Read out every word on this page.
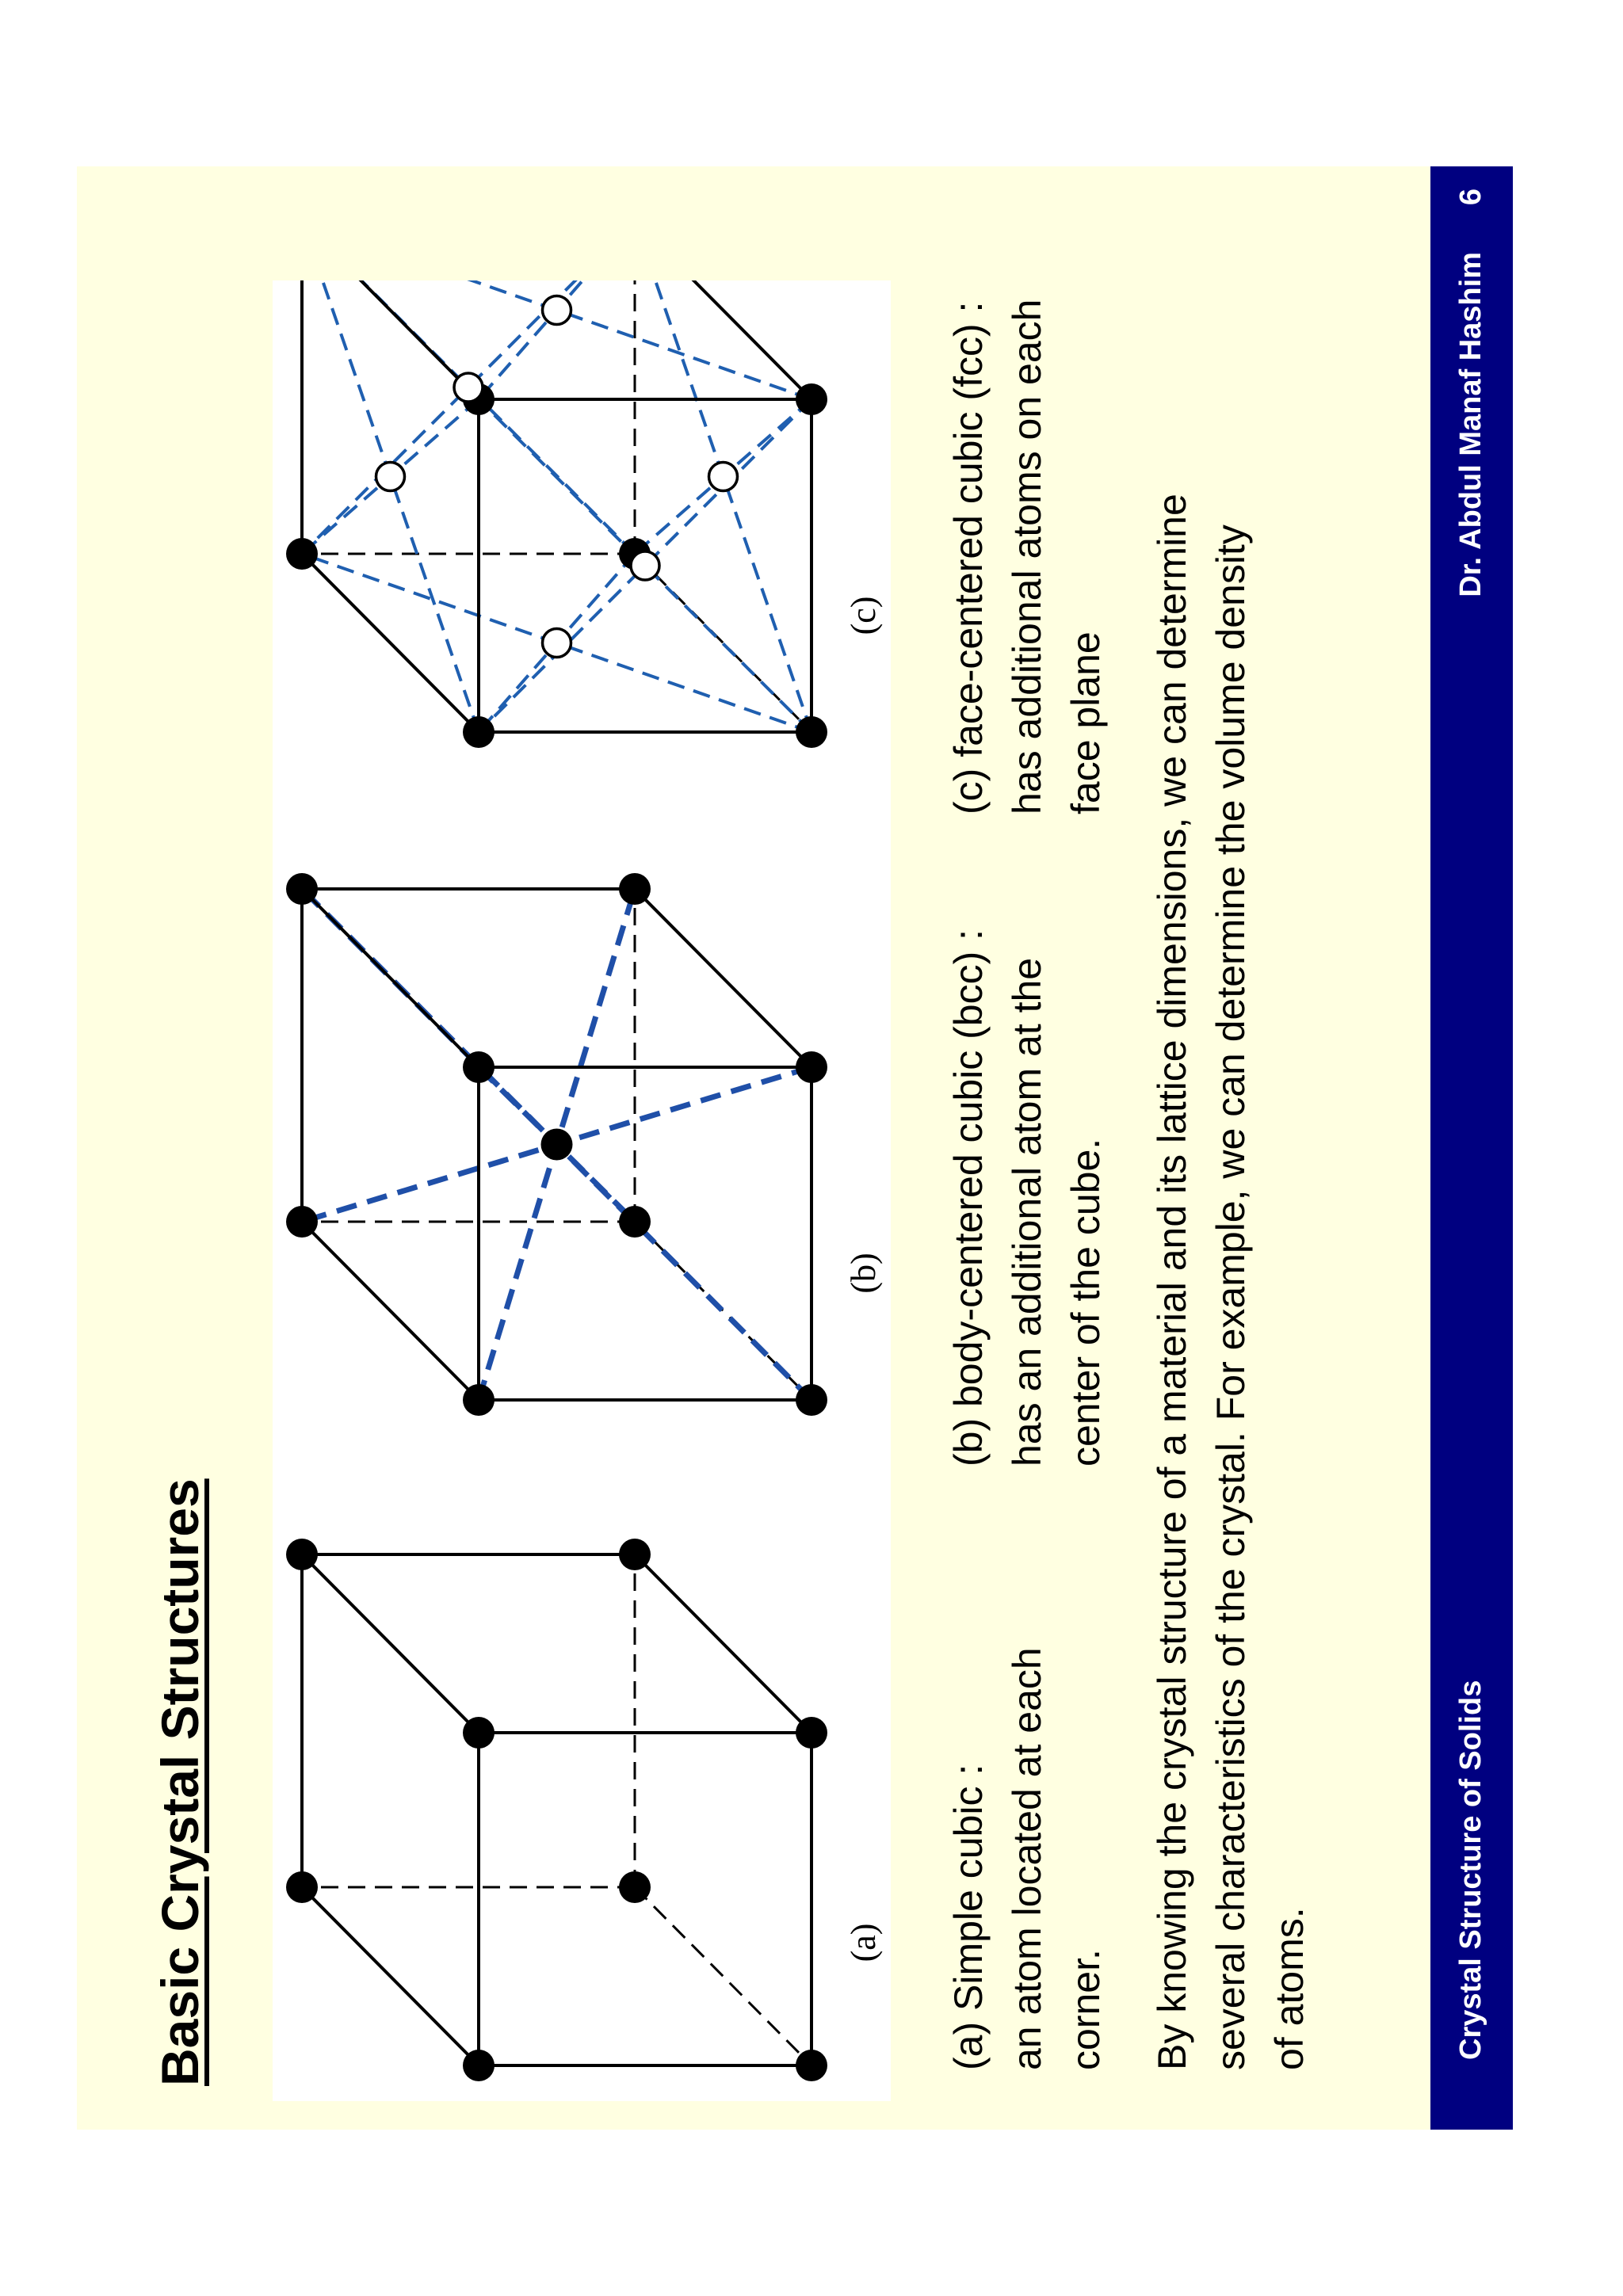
Basic Crystal Structures	(a)
(b)
(c)

(a) Simple cubic : an atom located at each corner.

(b) body-centered cubic (bcc) : has an additional atom at the center of the cube.

(c) face-centered cubic (fcc) : has additional atoms on each face plane By knowing the crystal structure of a material and its lattice dimensions, we can determine several characteristics of the crystal. For example, we can determine the volume density of atoms.	Crystal Structure of Solids
Dr. Abdul Manaf Hashim
6
